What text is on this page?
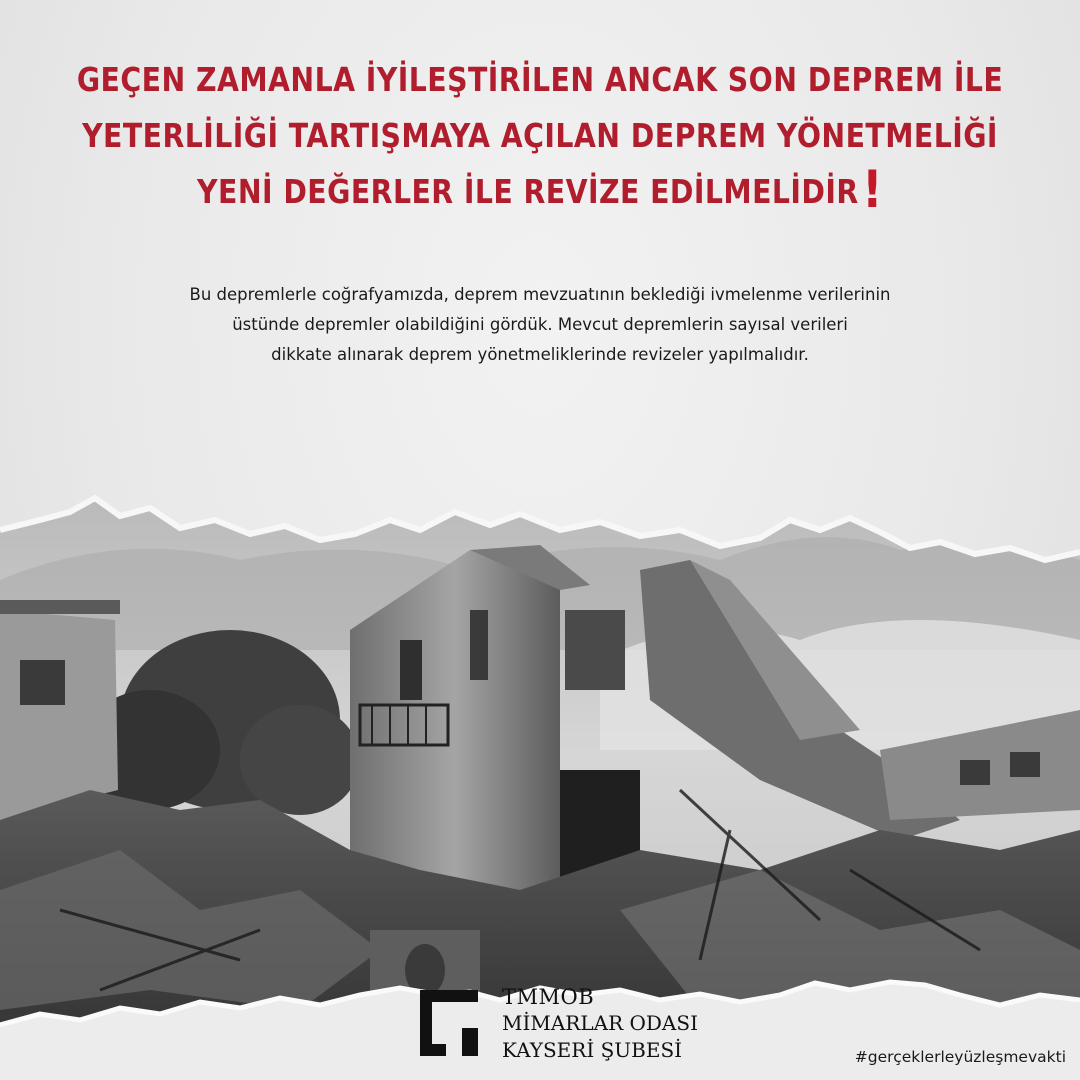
GEÇEN ZAMANLA İYİLEŞTİRİLEN ANCAK SON DEPREM İLE
YETERLİLİĞİ TARTIŞMAYA AÇILAN DEPREM YÖNETMELİĞİ
YENİ DEĞERLER İLE REVİZE EDİLMELİDİR!
Bu depremlerle coğrafyamızda, deprem mevzuatının beklediği ivmelenme verilerinin
üstünde depremler olabildiğini gördük. Mevcut depremlerin sayısal verileri
dikkate alınarak deprem yönetmeliklerinde revizeler yapılmalıdır.
TMMOB
MİMARLAR ODASI
KAYSERİ ŞUBESİ	#gerçeklerleyüzleşmevakti
